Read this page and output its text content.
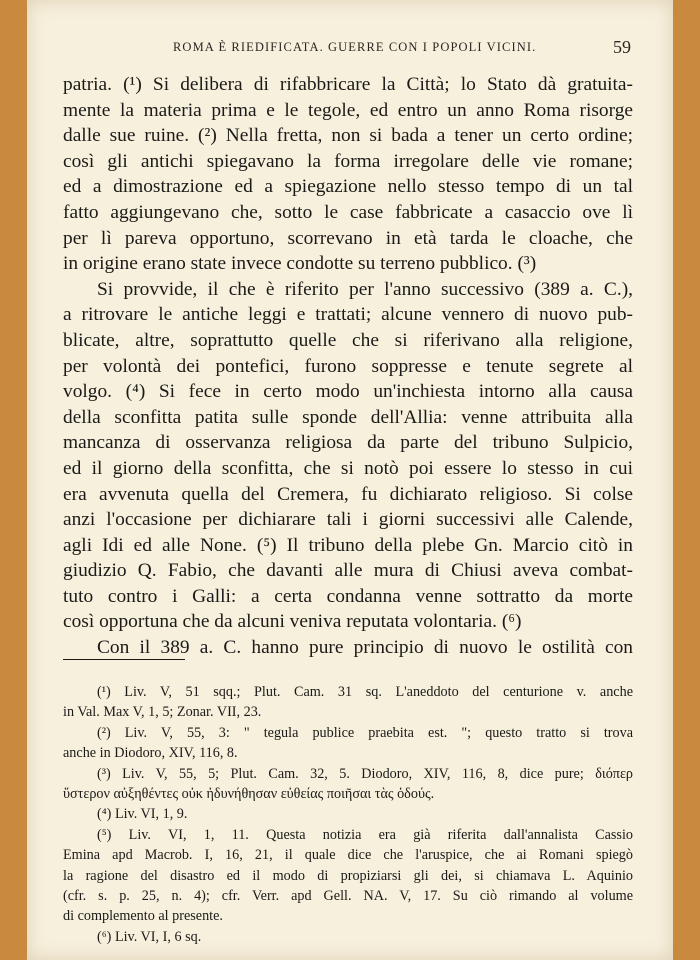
ROMA È RIEDIFICATA. GUERRE CON I POPOLI VICINI.	59
patria. (¹) Si delibera di rifabbricare la Città; lo Stato dà gratuita-
mente la materia prima e le tegole, ed entro un anno Roma risorge
dalle sue ruine. (²) Nella fretta, non si bada a tener un certo ordine;
così gli antichi spiegavano la forma irregolare delle vie romane;
ed a dimostrazione ed a spiegazione nello stesso tempo di un tal
fatto aggiungevano che, sotto le case fabbricate a casaccio ove lì
per lì pareva opportuno, scorrevano in età tarda le cloache, che
in origine erano state invece condotte su terreno pubblico. (³)
Si provvide, il che è riferito per l'anno successivo (389 a. C.),
a ritrovare le antiche leggi e trattati; alcune vennero di nuovo pub-
blicate, altre, soprattutto quelle che si riferivano alla religione,
per volontà dei pontefici, furono soppresse e tenute segrete al
volgo. (⁴) Si fece in certo modo un'inchiesta intorno alla causa
della sconfitta patita sulle sponde dell'Allia: venne attribuita alla
mancanza di osservanza religiosa da parte del tribuno Sulpicio,
ed il giorno della sconfitta, che si notò poi essere lo stesso in cui
era avvenuta quella del Cremera, fu dichiarato religioso. Si colse
anzi l'occasione per dichiarare tali i giorni successivi alle Calende,
agli Idi ed alle None. (⁵) Il tribuno della plebe Gn. Marcio citò in
giudizio Q. Fabio, che davanti alle mura di Chiusi aveva combat-
tuto contro i Galli: a certa condanna venne sottratto da morte
così opportuna che da alcuni veniva reputata volontaria. (⁶)
Con il 389 a. C. hanno pure principio di nuovo le ostilità con
(¹) Liv. V, 51 sqq.; Plut. Cam. 31 sq. L'aneddoto del centurione v. anche
in Val. Max V, 1, 5; Zonar. VII, 23.
(²) Liv. V, 55, 3: " tegula publice praebita est. "; questo tratto si trova
anche in Diodoro, XIV, 116, 8.
(³) Liv. V, 55, 5; Plut. Cam. 32, 5. Diodoro, XIV, 116, 8, dice pure; διόπερ
ὕστερον αὐξηθέντες οὐκ ἠδυνήθησαν εὐθείας ποιῆσαι τὰς ὁδούς.
(⁴) Liv. VI, 1, 9.
(⁵) Liv. VI, 1, 11. Questa notizia era già riferita dall'annalista Cassio
Emina apd Macrob. I, 16, 21, il quale dice che l'aruspice, che ai Romani spiegò
la ragione del disastro ed il modo di propiziarsi gli dei, si chiamava L. Aquinio
(cfr. s. p. 25, n. 4); cfr. Verr. apd Gell. NA. V, 17. Su ciò rimando al volume
di complemento al presente.
(⁶) Liv. VI, I, 6 sq.
